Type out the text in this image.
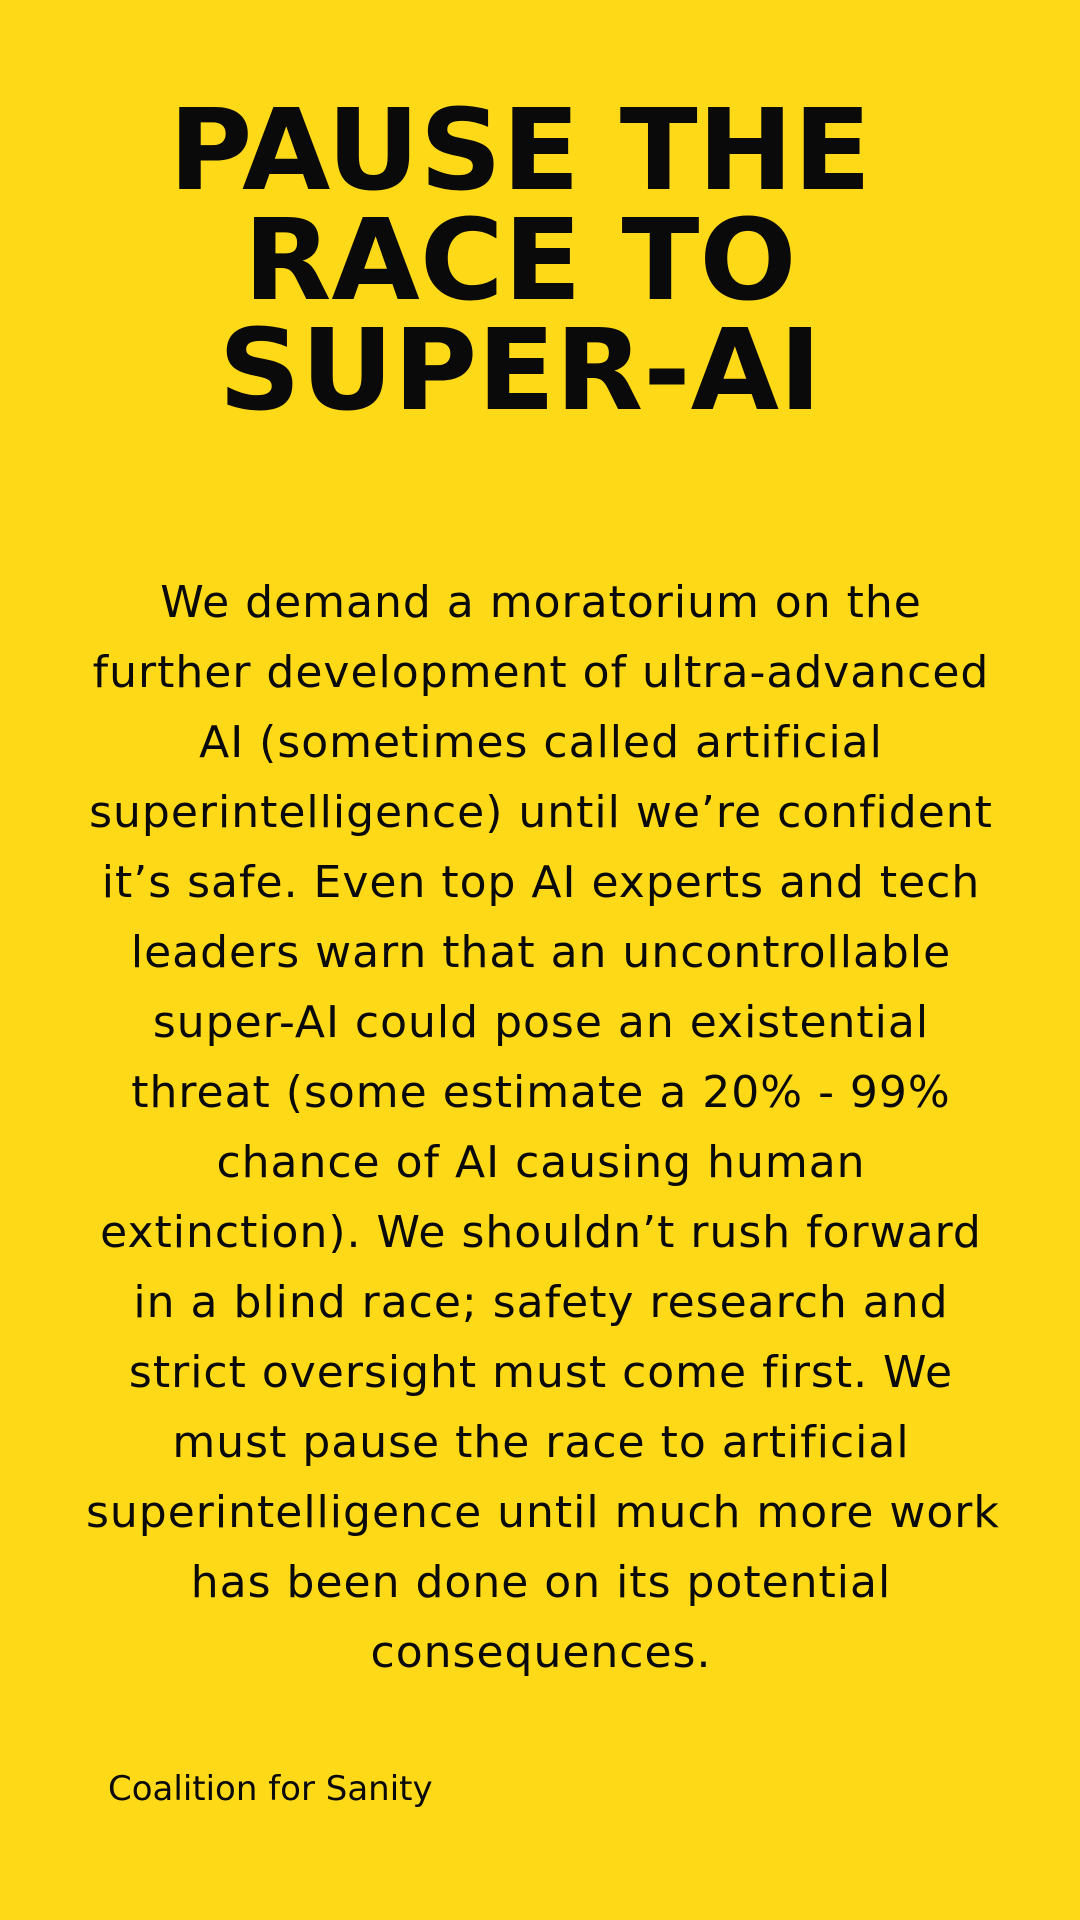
PAUSE THE
RACE TO
SUPER-AI

We demand a moratorium on the
further development of ultra-advanced
AI (sometimes called artificial
superintelligence) until we’re confident
it’s safe. Even top AI experts and tech
leaders warn that an uncontrollable
super-AI could pose an existential
threat (some estimate a 20% - 99%
chance of AI causing human
extinction). We shouldn’t rush forward
in a blind race; safety research and
strict oversight must come first. We
must pause the race to artificial
superintelligence until much more work
has been done on its potential
consequences.

Coalition for Sanity
